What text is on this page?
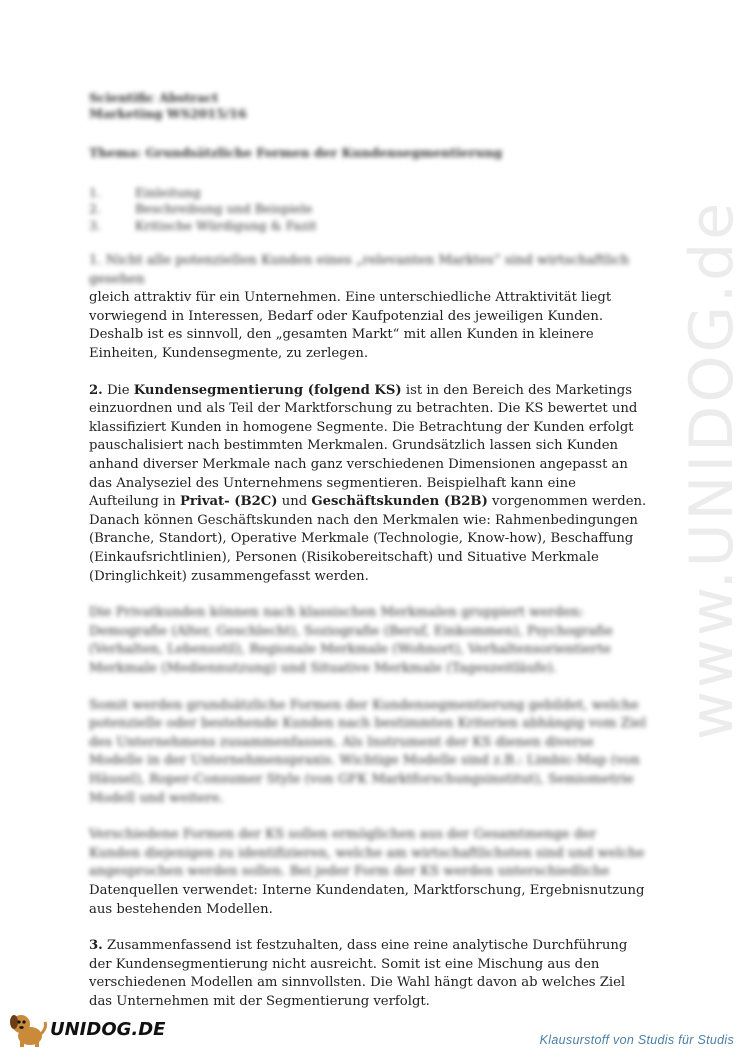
www.UNIDOG.de
Scientific Abstract
Marketing WS2015/16
Thema: Grundsätzliche Formen der Kundensegmentierung
1.	Einleitung
2.	Beschreibung und Beispiele
3.	Kritische Würdigung & Fazit

1. Nicht alle potenziellen Kunden eines „relevanten Marktes“ sind wirtschaftlich gesehen

gleich attraktiv für ein Unternehmen. Eine unterschiedliche Attraktivität liegt vorwiegend in Interessen, Bedarf oder Kaufpotenzial des jeweiligen Kunden. Deshalb ist es sinnvoll, den „gesamten Markt“ mit allen Kunden in kleinere Einheiten, Kundensegmente, zu zerlegen.

2. Die Kundensegmentierung (folgend KS) ist in den Bereich des Marketings einzuordnen und als Teil der Marktforschung zu betrachten. Die KS bewertet und klassifiziert Kunden in homogene Segmente. Die Betrachtung der Kunden erfolgt pauschalisiert nach bestimmten Merkmalen. Grundsätzlich lassen sich Kunden anhand diverser Merkmale nach ganz verschiedenen Dimensionen angepasst an das Analyseziel des Unternehmens segmentieren. Beispielhaft kann eine Aufteilung in Privat- (B2C) und Geschäftskunden (B2B) vorgenommen werden. Danach können Geschäftskunden nach den Merkmalen wie: Rahmenbedingungen (Branche, Standort), Operative Merkmale (Technologie, Know-how), Beschaffung (Einkaufsrichtlinien), Personen (Risikobereitschaft) und Situative Merkmale (Dringlichkeit) zusammengefasst werden.

Die Privatkunden können nach klassischen Merkmalen gruppiert werden: Demografie (Alter, Geschlecht), Soziografie (Beruf, Einkommen), Psychografie (Verhalten, Lebensstil), Regionale Merkmale (Wohnort), Verhaltensorientierte Merkmale (Mediennutzung) und Situative Merkmale (Tageszeitläufe).

Somit werden grundsätzliche Formen der Kundensegmentierung gebildet, welche potenzielle oder bestehende Kunden nach bestimmten Kriterien abhängig vom Ziel des Unternehmens zusammenfassen. Als Instrument der KS dienen diverse Modelle in der Unternehmenspraxis. Wichtige Modelle sind z.B.: Limbic-Map (von Häusel), Roper-Consumer Style (von GFK Marktforschungsinstitut), Semiometrie Modell und weitere.

Verschiedene Formen der KS sollen ermöglichen aus der Gesamtmenge der Kunden diejenigen zu identifizieren, welche am wirtschaftlichsten sind und welche angesprochen werden sollen. Bei jeder Form der KS werden unterschiedliche

Datenquellen verwendet: Interne Kundendaten, Marktforschung, Ergebnisnutzung aus bestehenden Modellen.

3. Zusammenfassend ist festzuhalten, dass eine reine analytische Durchführung der Kundensegmentierung nicht ausreicht. Somit ist eine Mischung aus den verschiedenen Modellen am sinnvollsten. Die Wahl hängt davon ab welches Ziel das Unternehmen mit der Segmentierung verfolgt.

UNIDOG.DE
Klausurstoff von Studis für Studis
